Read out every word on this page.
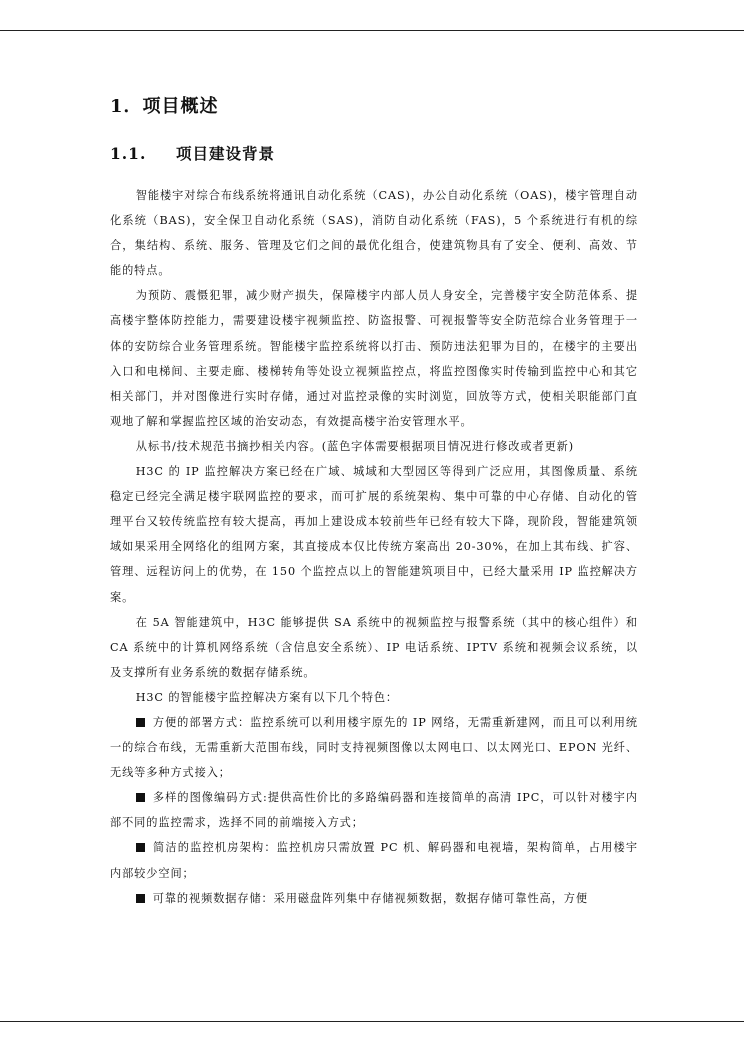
1．项目概述
1.1. 项目建设背景

智能楼宇对综合布线系统将通讯自动化系统（CAS)，办公自动化系统（OAS)，楼宇管理自动化系统（BAS)，安全保卫自动化系统（SAS)，消防自动化系统（FAS)，5 个系统进行有机的综合，集结构、系统、服务、管理及它们之间的最优化组合，使建筑物具有了安全、便利、高效、节能的特点。

为预防、震慑犯罪，减少财产损失，保障楼宇内部人员人身安全，完善楼宇安全防范体系、提高楼宇整体防控能力，需要建设楼宇视频监控、防盗报警、可视报警等安全防范综合业务管理于一体的安防综合业务管理系统。智能楼宇监控系统将以打击、预防违法犯罪为目的，在楼宇的主要出入口和电梯间、主要走廊、楼梯转角等处设立视频监控点，将监控图像实时传输到监控中心和其它相关部门，并对图像进行实时存储，通过对监控录像的实时浏览，回放等方式，使相关职能部门直观地了解和掌握监控区域的治安动态，有效提高楼宇治安管理水平。

从标书/技术规范书摘抄相关内容。(蓝色字体需要根据项目情况进行修改或者更新)

H3C 的 IP 监控解决方案已经在广域、城域和大型园区等得到广泛应用，其图像质量、系统稳定已经完全满足楼宇联网监控的要求，而可扩展的系统架构、集中可靠的中心存储、自动化的管理平台又较传统监控有较大提高，再加上建设成本较前些年已经有较大下降，现阶段，智能建筑领域如果采用全网络化的组网方案，其直接成本仅比传统方案高出 20-30%，在加上其布线、扩容、管理、远程访问上的优势，在 150 个监控点以上的智能建筑项目中，已经大量采用 IP 监控解决方案。

在 5A 智能建筑中，H3C 能够提供 SA 系统中的视频监控与报警系统（其中的核心组件）和 CA 系统中的计算机网络系统（含信息安全系统）、IP 电话系统、IPTV 系统和视频会议系统，以及支撑所有业务系统的数据存储系统。

H3C 的智能楼宇监控解决方案有以下几个特色：

方便的部署方式：监控系统可以利用楼宇原先的 IP 网络，无需重新建网，而且可以利用统一的综合布线，无需重新大范围布线，同时支持视频图像以太网电口、以太网光口、EPON 光纤、无线等多种方式接入；

多样的图像编码方式:提供高性价比的多路编码器和连接简单的高清 IPC，可以针对楼宇内部不同的监控需求，选择不同的前端接入方式；

简洁的监控机房架构：监控机房只需放置 PC 机、解码器和电视墙，架构简单，占用楼宇内部较少空间；

可靠的视频数据存储：采用磁盘阵列集中存储视频数据，数据存储可靠性高，方便
